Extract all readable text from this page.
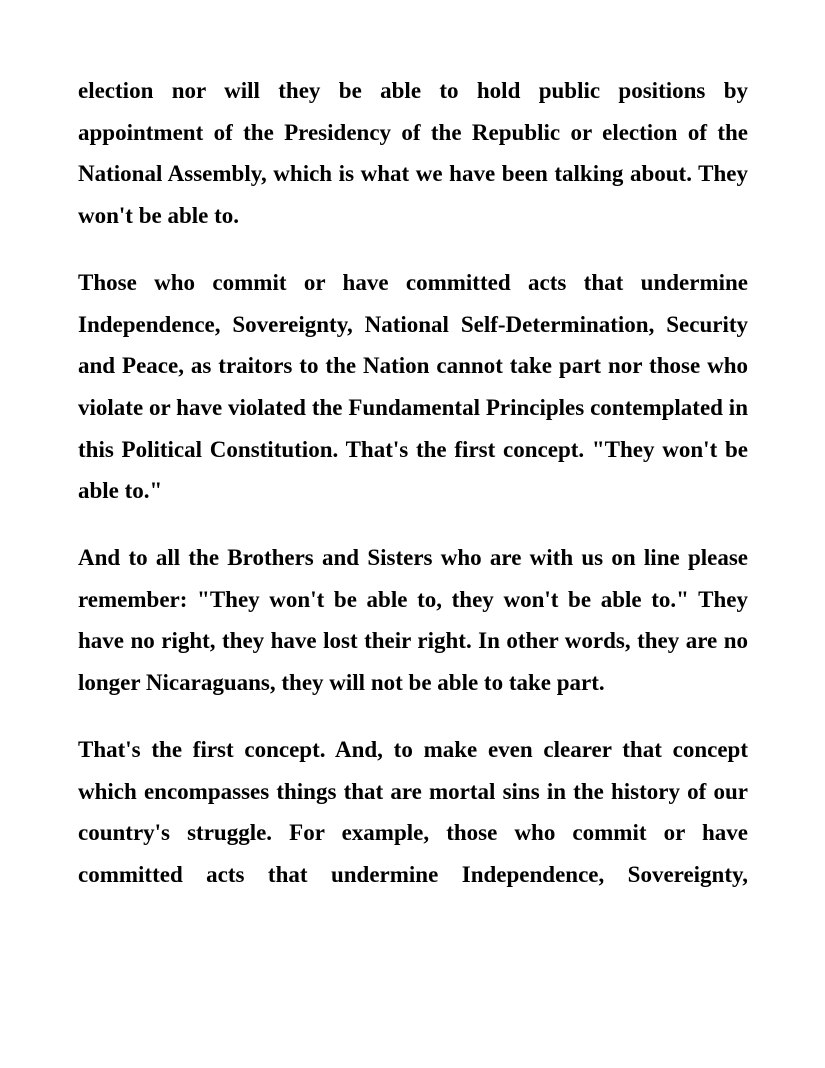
election nor will they be able to hold public positions by appointment of the Presidency of the Republic or election of the National Assembly, which is what we have been talking about. They won't be able to.

Those who commit or have committed acts that undermine Independence, Sovereignty, National Self-Determination, Security and Peace, as traitors to the Nation cannot take part nor those who violate or have violated the Fundamental Principles contemplated in this Political Constitution. That's the first concept. "They won't be able to."

And to all the Brothers and Sisters who are with us on line please remember: "They won't be able to, they won't be able to." They have no right, they have lost their right. In other words, they are no longer Nicaraguans, they will not be able to take part.

That's the first concept. And, to make even clearer that concept which encompasses things that are mortal sins in the history of our country's struggle. For example, those who commit or have committed acts that undermine Independence, Sovereignty,
